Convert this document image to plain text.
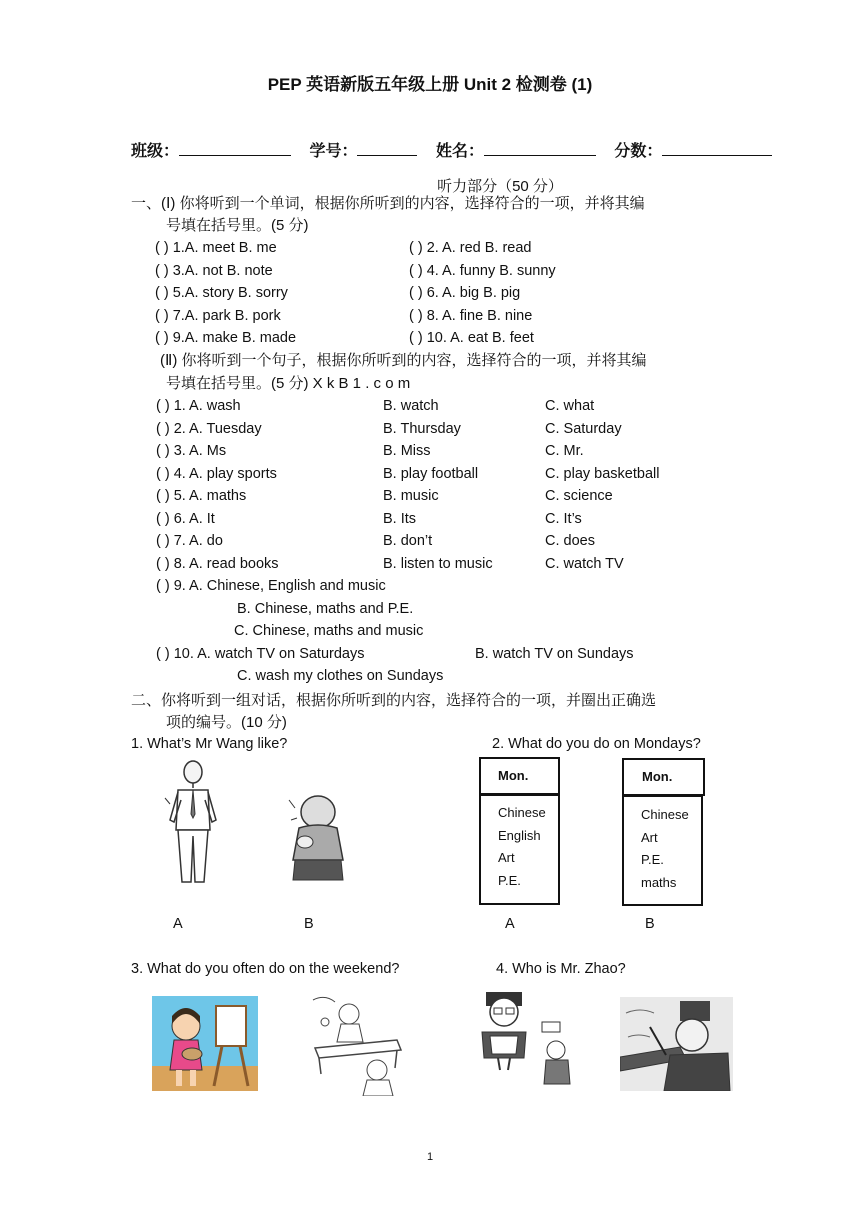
PEP 英语新版五年级上册 Unit 2 检测卷 (1)
班级：	学号：	姓名：	分数：
听力部分（50 分）
一、(Ⅰ) 你将听到一个单词，根据你所听到的内容，选择符合的一项，并将其编
号填在括号里。(5 分)
( ) 1.A. meet B. me	( ) 2. A. red B. read
( ) 3.A. not B. note	( ) 4. A. funny B. sunny
( ) 5.A. story B. sorry	( ) 6. A. big B. pig
( ) 7.A. park B. pork	( ) 8. A. fine B. nine
( ) 9.A. make B. made	( ) 10. A. eat B. feet
(Ⅱ) 你将听到一个句子，根据你所听到的内容，选择符合的一项，并将其编
号填在括号里。(5 分) X k B 1 . c o m
( ) 1. A. wash	B. watch	C. what
( ) 2. A. Tuesday	B. Thursday	C. Saturday
( ) 3. A. Ms	B. Miss	C. Mr.
( ) 4. A. play sports	B. play football	C. play basketball
( ) 5. A. maths	B. music	C. science
( ) 6. A. It	B. Its	C. It’s
( ) 7. A. do	B. don’t	C. does
( ) 8. A. read books	B. listen to music	C. watch TV
( ) 9. A. Chinese, English and music
B. Chinese, maths and P.E.
C. Chinese, maths and music
( ) 10. A. watch TV on Saturdays	B. watch TV on Sundays
C. wash my clothes on Sundays
二、你将听到一组对话，根据你所听到的内容，选择符合的一项，并圈出正确选
项的编号。(10 分)
1. What’s Mr Wang like?	2. What do you do on Mondays?
Mon.
Chinese
English
Art
P.E.
Mon.
Chinese
Art
P.E.
maths
A	B	A	B
3. What do you often do on the weekend?	4. Who is Mr. Zhao?
1
